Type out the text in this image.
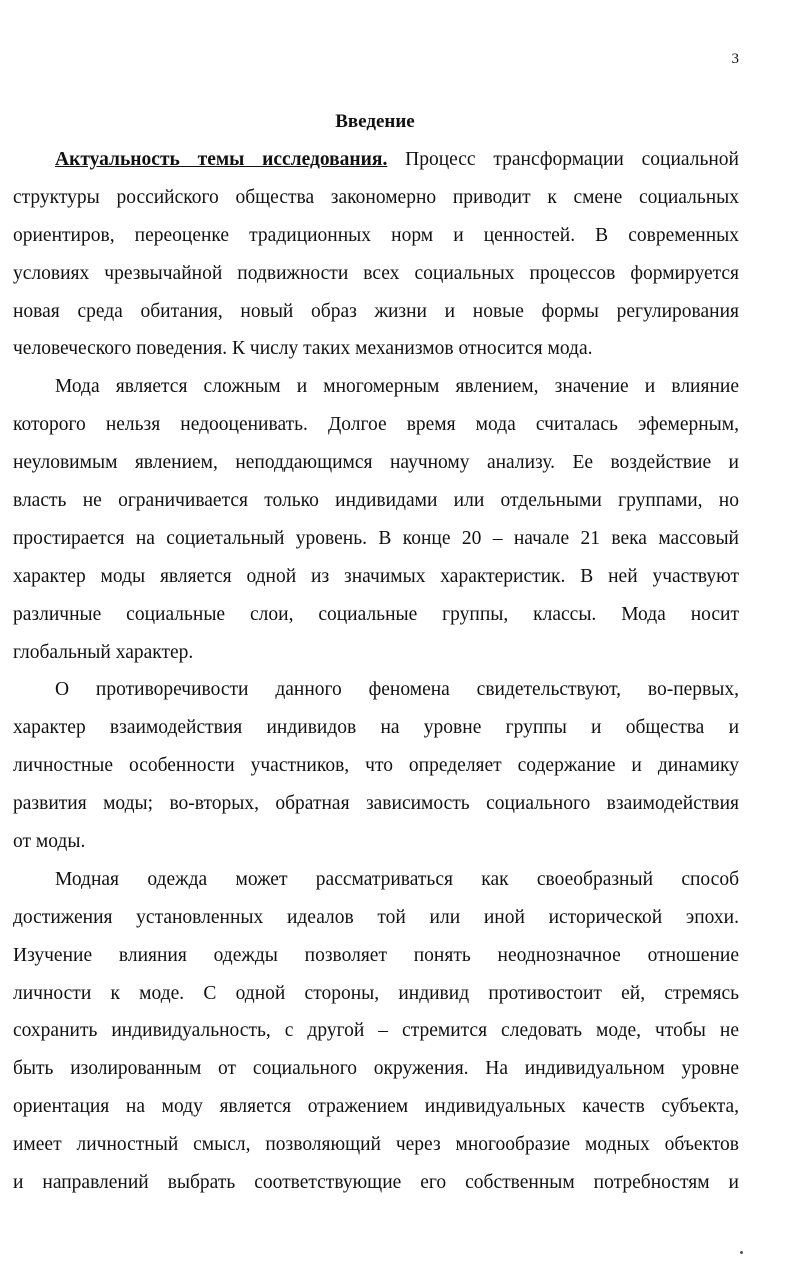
3
Введение
Актуальность темы исследования. Процесс трансформации социальной
структуры российского общества закономерно приводит к смене социальных
ориентиров, переоценке традиционных норм и ценностей. В современных
условиях чрезвычайной подвижности всех социальных процессов формируется
новая среда обитания, новый образ жизни и новые формы регулирования
человеческого поведения. К числу таких механизмов относится мода.
Мода является сложным и многомерным явлением, значение и влияние
которого нельзя недооценивать. Долгое время мода считалась эфемерным,
неуловимым явлением, неподдающимся научному анализу. Ее воздействие и
власть не ограничивается только индивидами или отдельными группами, но
простирается на социетальный уровень. В конце 20 – начале 21 века массовый
характер моды является одной из значимых характеристик. В ней участвуют
различные социальные слои, социальные группы, классы. Мода носит
глобальный характер.
О противоречивости данного феномена свидетельствуют, во-первых,
характер взаимодействия индивидов на уровне группы и общества и
личностные особенности участников, что определяет содержание и динамику
развития моды; во-вторых, обратная зависимость социального взаимодействия
от моды.
Модная одежда может рассматриваться как своеобразный способ
достижения установленных идеалов той или иной исторической эпохи.
Изучение влияния одежды позволяет понять неоднозначное отношение
личности к моде. С одной стороны, индивид противостоит ей, стремясь
сохранить индивидуальность, с другой – стремится следовать моде, чтобы не
быть изолированным от социального окружения. На индивидуальном уровне
ориентация на моду является отражением индивидуальных качеств субъекта,
имеет личностный смысл, позволяющий через многообразие модных объектов
и направлений выбрать соответствующие его собственным потребностям и
